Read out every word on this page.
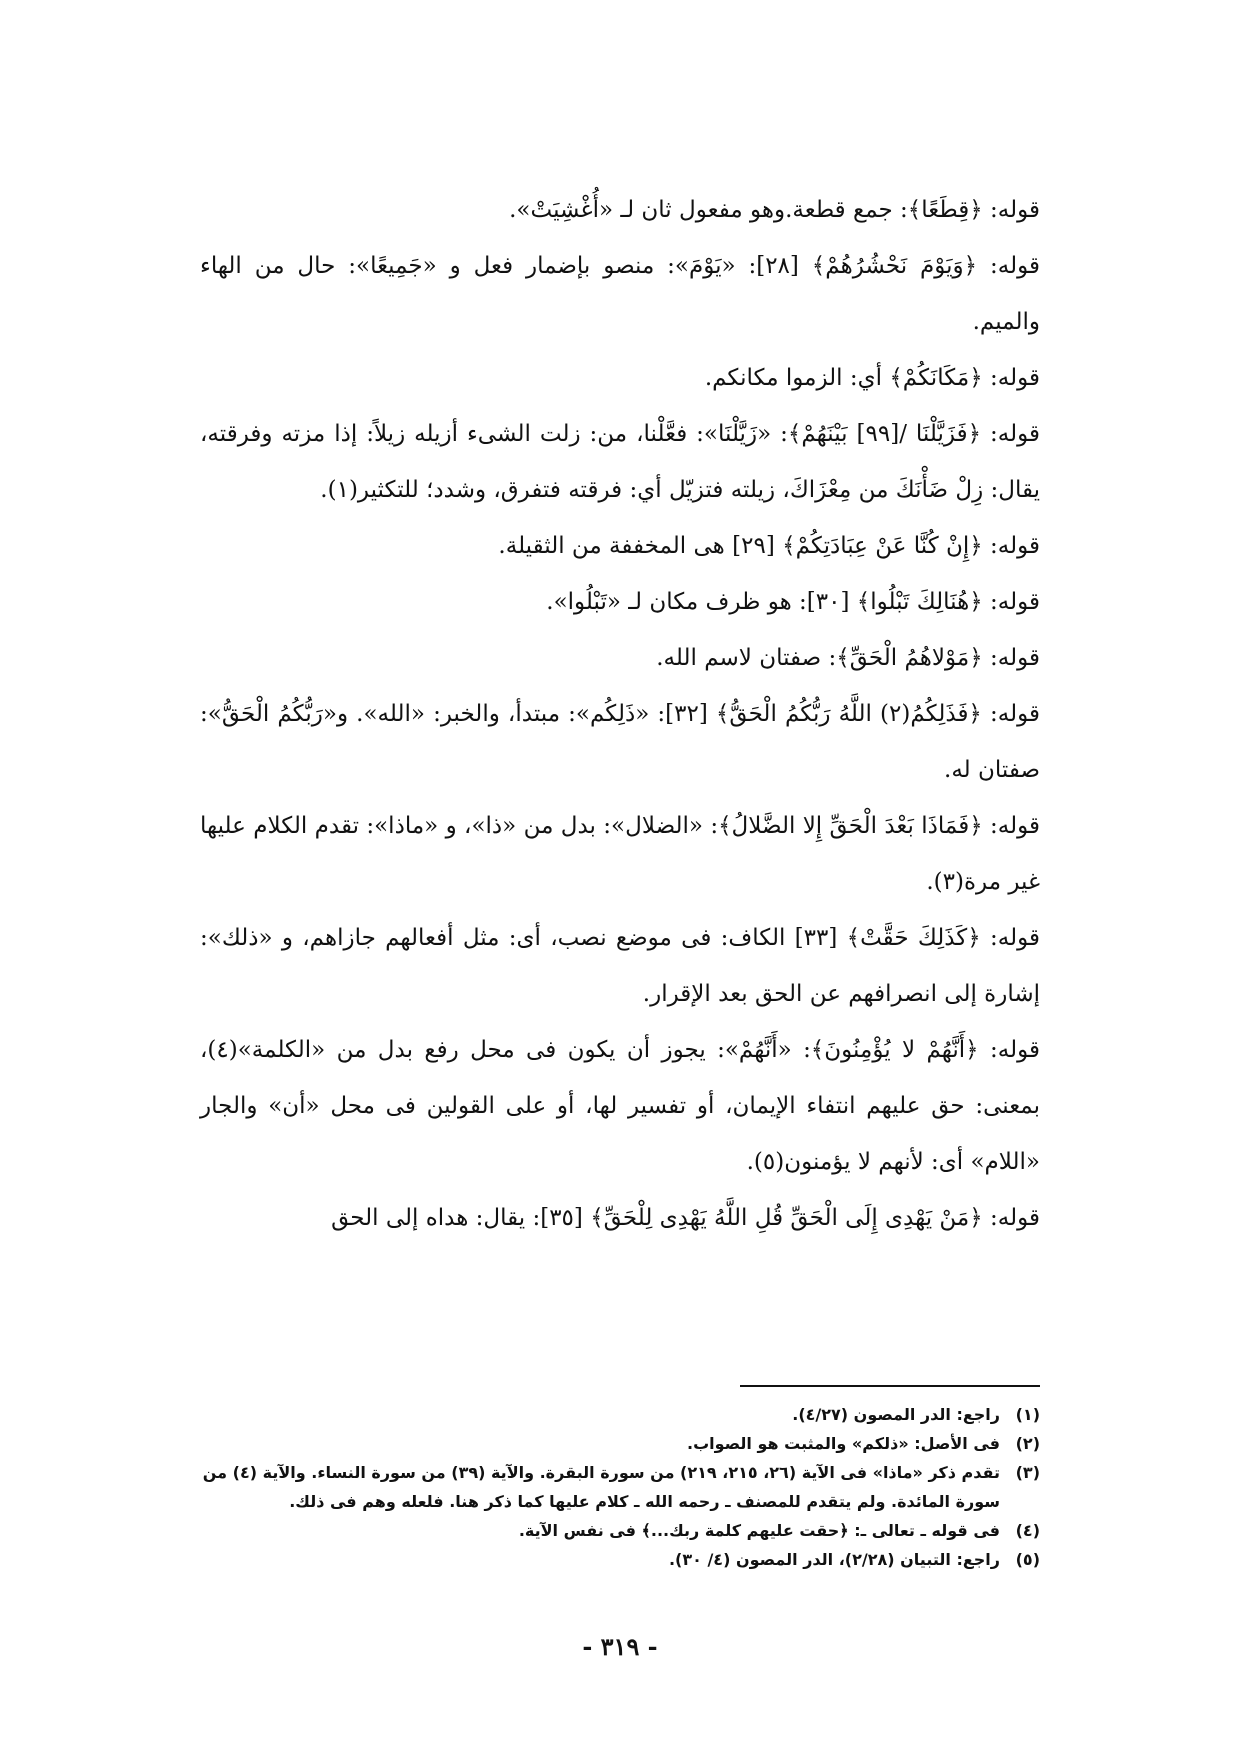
قوله: ﴿قِطَعًا﴾: جمع قطعة.وهو مفعول ثان لـ «أُغْشِيَتْ».

قوله: ﴿وَيَوْمَ نَحْشُرُهُمْ﴾ [٢٨]: «يَوْمَ»: منصو بإضمار فعل و «جَمِيعًا»: حال من الهاء والميم.

قوله: ﴿مَكَانَكُمْ﴾ أي: الزموا مكانكم.

قوله: ﴿فَزَيَّلْنَا /[٩٩] بَيْنَهُمْ﴾: «زَيَّلْنَا»: فعَّلْنا، من: زلت الشىء أزيله زيلاً: إذا مزته وفرقته، يقال: زِلْ ضَأْنَكَ من مِعْزَاكَ، زيلته فتزيّل أي: فرقته فتفرق، وشدد؛ للتكثير(١).

قوله: ﴿إِنْ كُنَّا عَنْ عِبَادَتِكُمْ﴾ [٢٩] هى المخففة من الثقيلة.

قوله: ﴿هُنَالِكَ تَبْلُوا﴾ [٣٠]: هو ظرف مكان لـ «تَبْلُوا».

قوله: ﴿مَوْلاهُمُ الْحَقِّ﴾: صفتان لاسم الله.

قوله: ﴿فَذَلِكُمُ(٢) اللَّهُ رَبُّكُمُ الْحَقُّ﴾ [٣٢]: «ذَلِكُم»: مبتدأ، والخبر: «الله». و«رَبُّكُمُ الْحَقُّ»: صفتان له.

قوله: ﴿فَمَاذَا بَعْدَ الْحَقِّ إِلا الضَّلالُ﴾: «الضلال»: بدل من «ذا»، و «ماذا»: تقدم الكلام عليها غير مرة(٣).

قوله: ﴿كَذَلِكَ حَقَّتْ﴾ [٣٣] الكاف: فى موضع نصب، أى: مثل أفعالهم جازاهم، و «ذلك»: إشارة إلى انصرافهم عن الحق بعد الإقرار.

قوله: ﴿أَنَّهُمْ لا يُؤْمِنُونَ﴾: «أَنَّهُمْ»: يجوز أن يكون فى محل رفع بدل من «الكلمة»(٤)، بمعنى: حق عليهم انتفاء الإيمان، أو تفسير لها، أو على القولين فى محل «أن» والجار «اللام» أى: لأنهم لا يؤمنون(٥).

قوله: ﴿مَنْ يَهْدِى إِلَى الْحَقِّ قُلِ اللَّهُ يَهْدِى لِلْحَقِّ﴾ [٣٥]: يقال: هداه إلى الحق

(١)
راجع: الدر المصون (٤/٢٧).
(٢)
فى الأصل: «ذلكم» والمثبت هو الصواب.
(٣)
تقدم ذكر «ماذا» فى الآية (٢٦، ٢١٥، ٢١٩) من سورة البقرة. والآية (٣٩) من سورة النساء. والآية (٤) من سورة المائدة. ولم يتقدم للمصنف ـ رحمه الله ـ كلام عليها كما ذكر هنا. فلعله وهم فى ذلك.
(٤)
فى قوله ـ تعالى ـ: ﴿حقت عليهم كلمة ربك...﴾ فى نفس الآية.
(٥)
راجع: التبيان (٢/٢٨)، الدر المصون (٤/ ٣٠).
- ٣١٩ -
